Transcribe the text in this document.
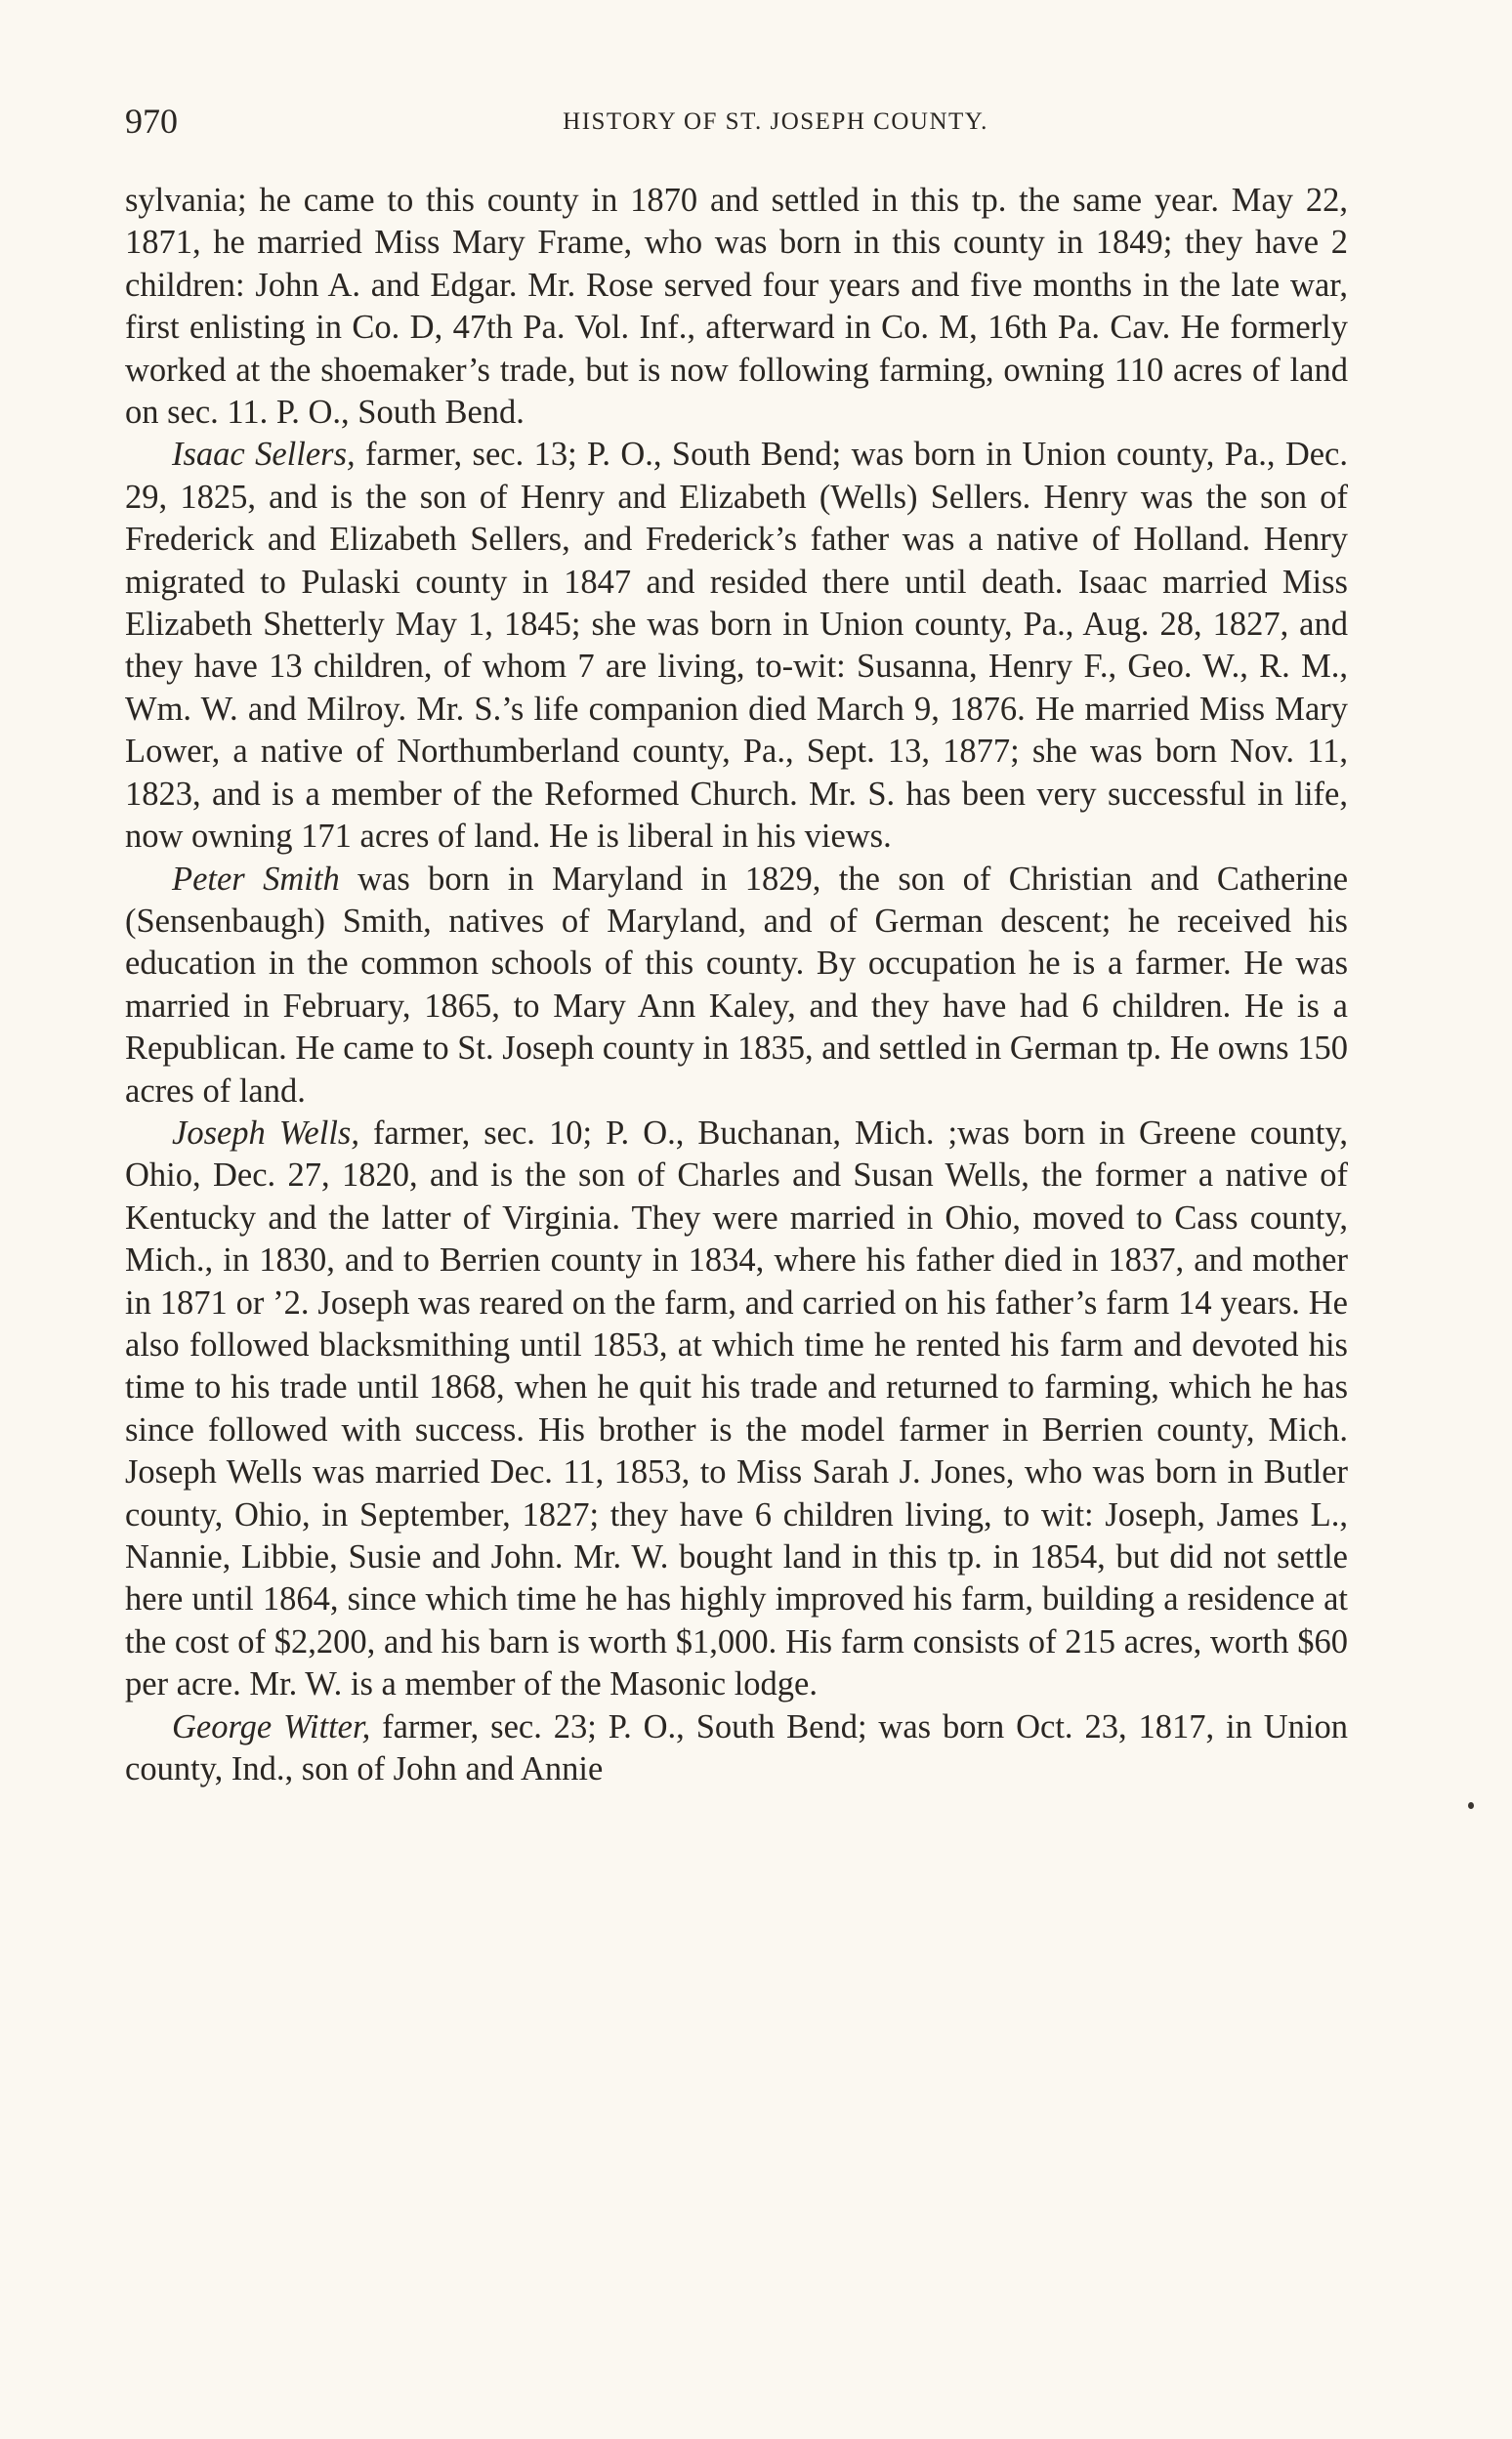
970	HISTORY OF ST. JOSEPH COUNTY.

sylvania; he came to this county in 1870 and settled in this tp. the same year. May 22, 1871, he married Miss Mary Frame, who was born in this county in 1849; they have 2 children: John A. and Edgar. Mr. Rose served four years and five months in the late war, first enlisting in Co. D, 47th Pa. Vol. Inf., afterward in Co. M, 16th Pa. Cav. He formerly worked at the shoemaker’s trade, but is now following farming, owning 110 acres of land on sec. 11. P. O., South Bend.

Isaac Sellers, farmer, sec. 13; P. O., South Bend; was born in Union county, Pa., Dec. 29, 1825, and is the son of Henry and Elizabeth (Wells) Sellers. Henry was the son of Frederick and Elizabeth Sellers, and Frederick’s father was a native of Holland. Henry migrated to Pulaski county in 1847 and resided there until death. Isaac married Miss Elizabeth Shetterly May 1, 1845; she was born in Union county, Pa., Aug. 28, 1827, and they have 13 children, of whom 7 are living, to-wit: Susanna, Henry F., Geo. W., R. M., Wm. W. and Milroy. Mr. S.’s life companion died March 9, 1876. He married Miss Mary Lower, a native of Northumberland county, Pa., Sept. 13, 1877; she was born Nov. 11, 1823, and is a member of the Reformed Church. Mr. S. has been very successful in life, now owning 171 acres of land. He is liberal in his views.

Peter Smith was born in Maryland in 1829, the son of Christian and Catherine (Sensenbaugh) Smith, natives of Maryland, and of German descent; he received his education in the common schools of this county. By occupation he is a farmer. He was married in February, 1865, to Mary Ann Kaley, and they have had 6 children. He is a Republican. He came to St. Joseph county in 1835, and settled in German tp. He owns 150 acres of land.

Joseph Wells, farmer, sec. 10; P. O., Buchanan, Mich. ;was born in Greene county, Ohio, Dec. 27, 1820, and is the son of Charles and Susan Wells, the former a native of Kentucky and the latter of Virginia. They were married in Ohio, moved to Cass county, Mich., in 1830, and to Berrien county in 1834, where his father died in 1837, and mother in 1871 or ’2. Joseph was reared on the farm, and carried on his father’s farm 14 years. He also followed blacksmithing until 1853, at which time he rented his farm and devoted his time to his trade until 1868, when he quit his trade and returned to farming, which he has since followed with success. His brother is the model farmer in Berrien county, Mich. Joseph Wells was married Dec. 11, 1853, to Miss Sarah J. Jones, who was born in Butler county, Ohio, in September, 1827; they have 6 children living, to wit: Joseph, James L., Nannie, Libbie, Susie and John. Mr. W. bought land in this tp. in 1854, but did not settle here until 1864, since which time he has highly improved his farm, building a residence at the cost of $2,200, and his barn is worth $1,000. His farm consists of 215 acres, worth $60 per acre. Mr. W. is a member of the Masonic lodge.

George Witter, farmer, sec. 23; P. O., South Bend; was born Oct. 23, 1817, in Union county, Ind., son of John and Annie
